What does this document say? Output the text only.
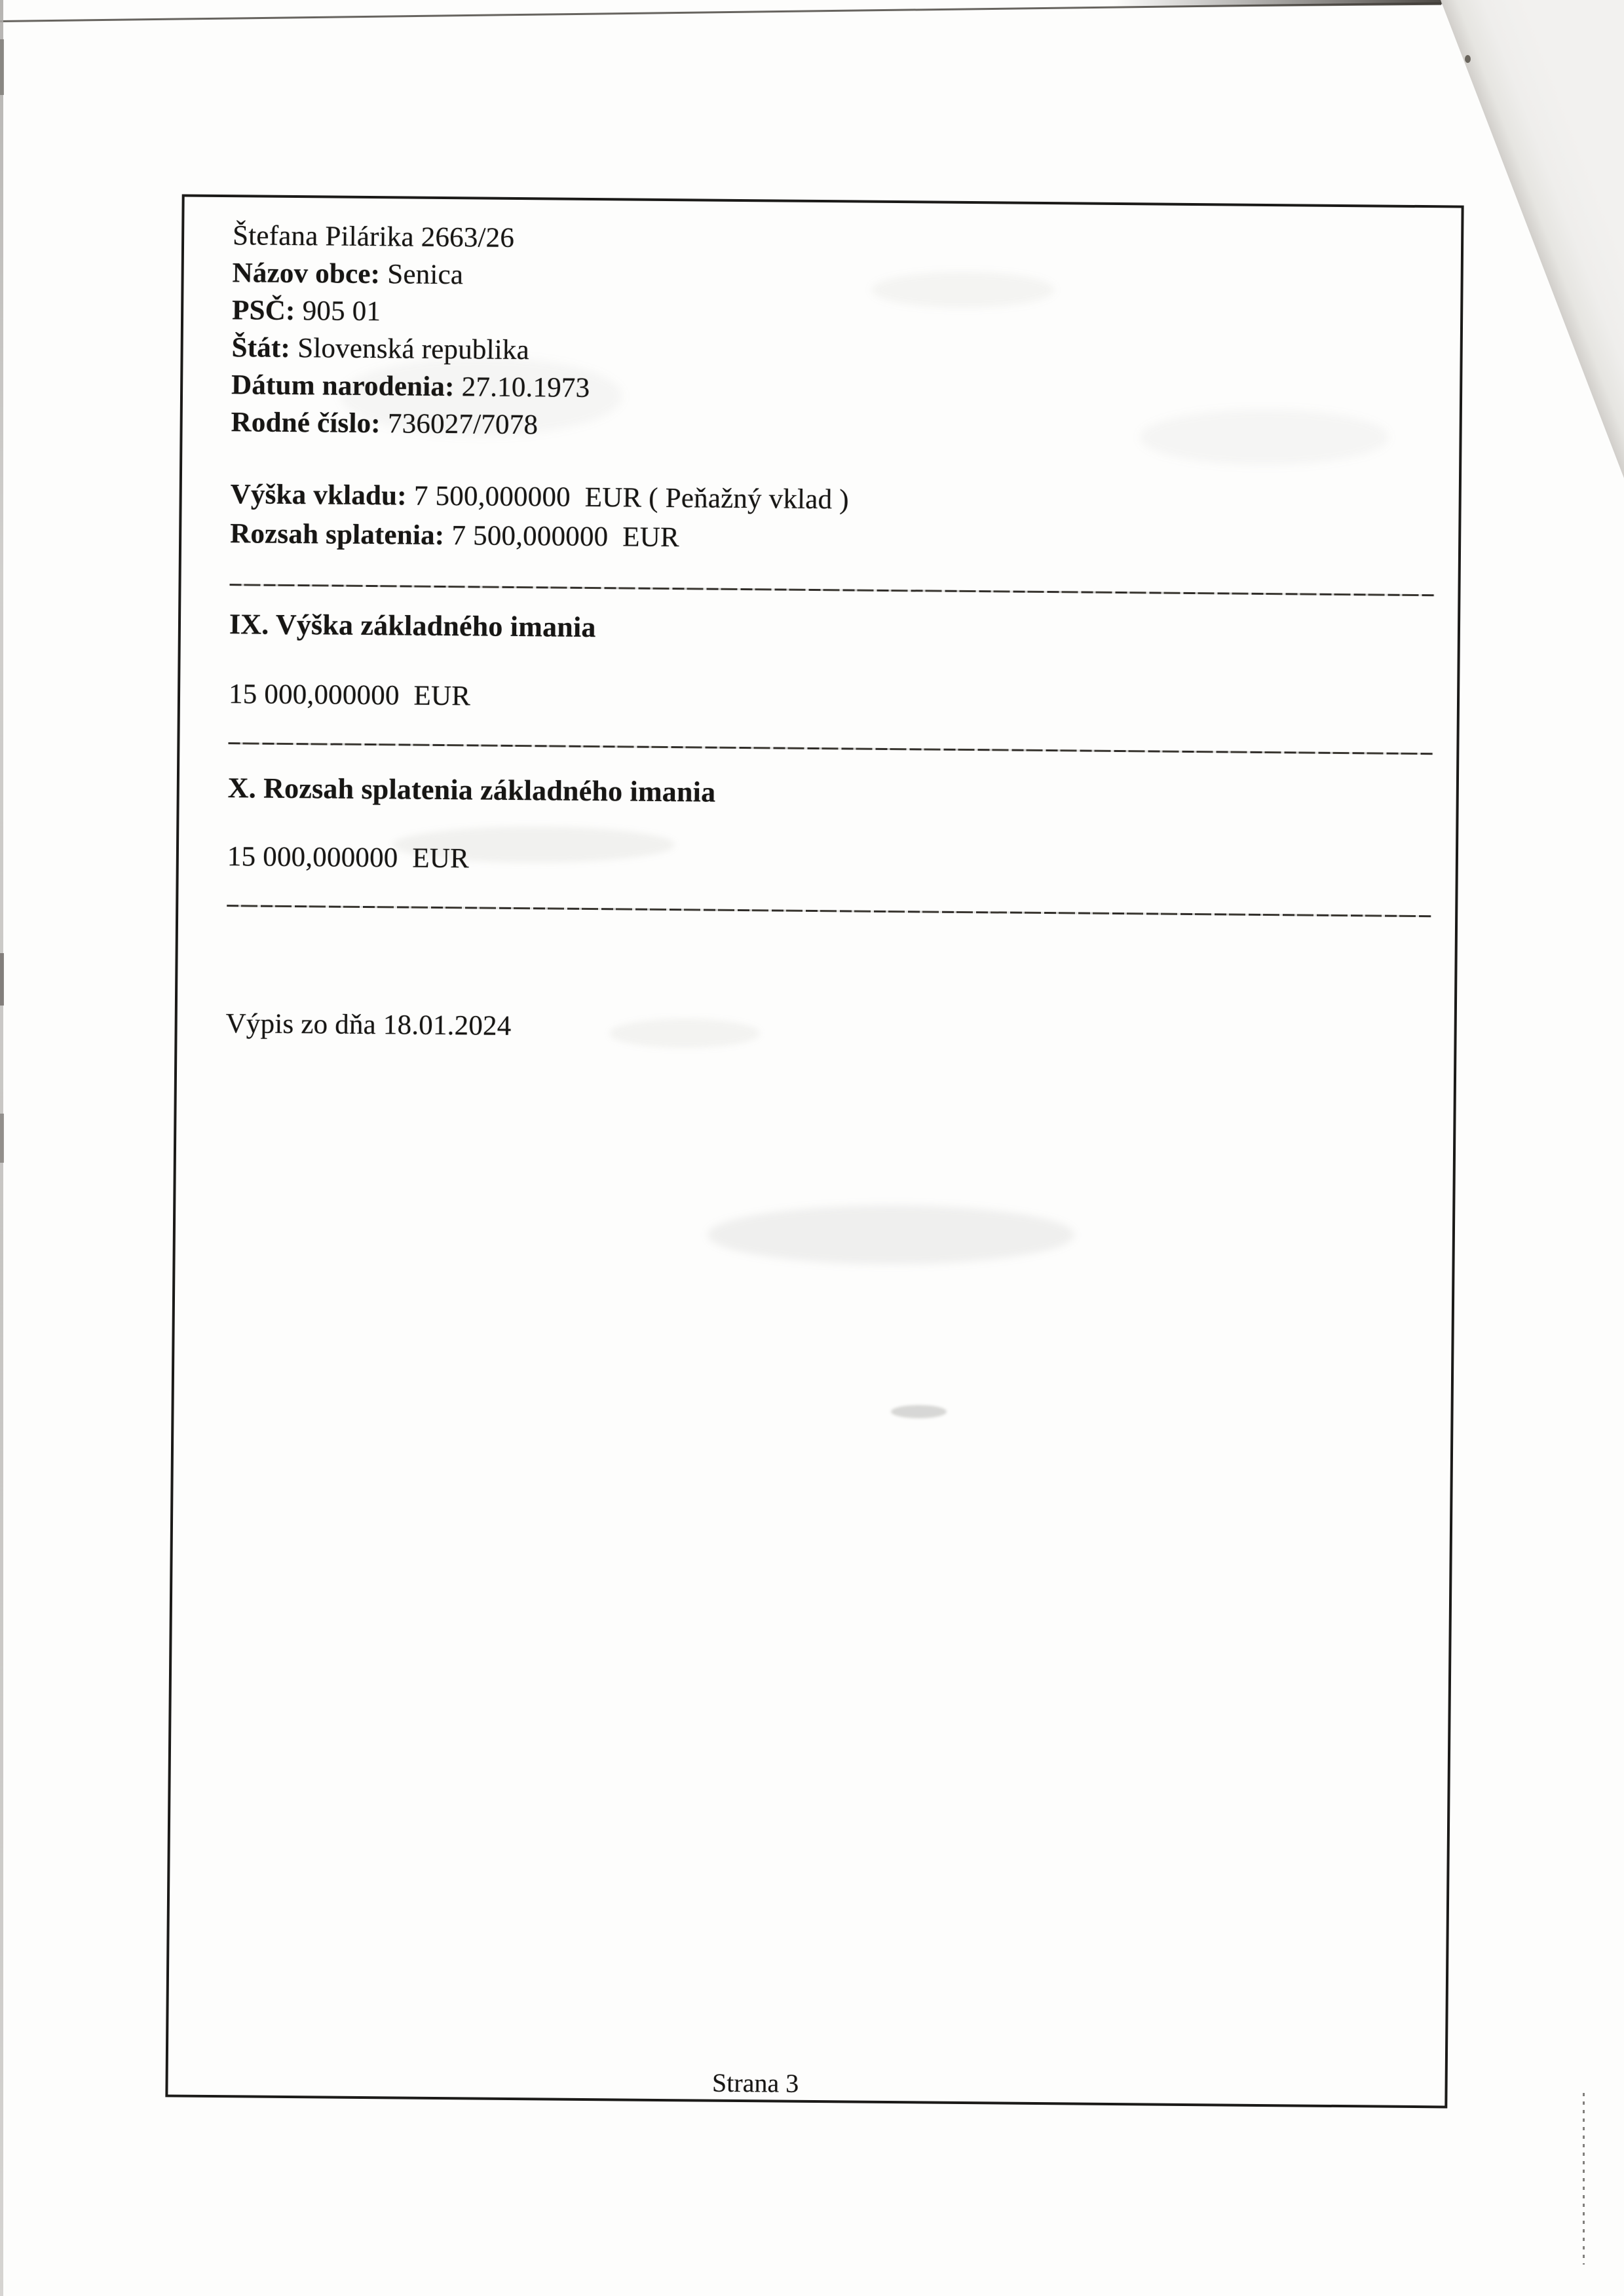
Štefana Pilárika 2663/26

Názov obce: Senica

PSČ: 905 01

Štát: Slovenská republika

Dátum narodenia: 27.10.1973

Rodné číslo: 736027/7078

Výška vkladu: 7 500,000000  EUR ( Peňažný vklad )

Rozsah splatenia: 7 500,000000  EUR

IX. Výška základného imania

15 000,000000  EUR

X. Rozsah splatenia základného imania

15 000,000000  EUR

Výpis zo dňa 18.01.2024

Strana 3
